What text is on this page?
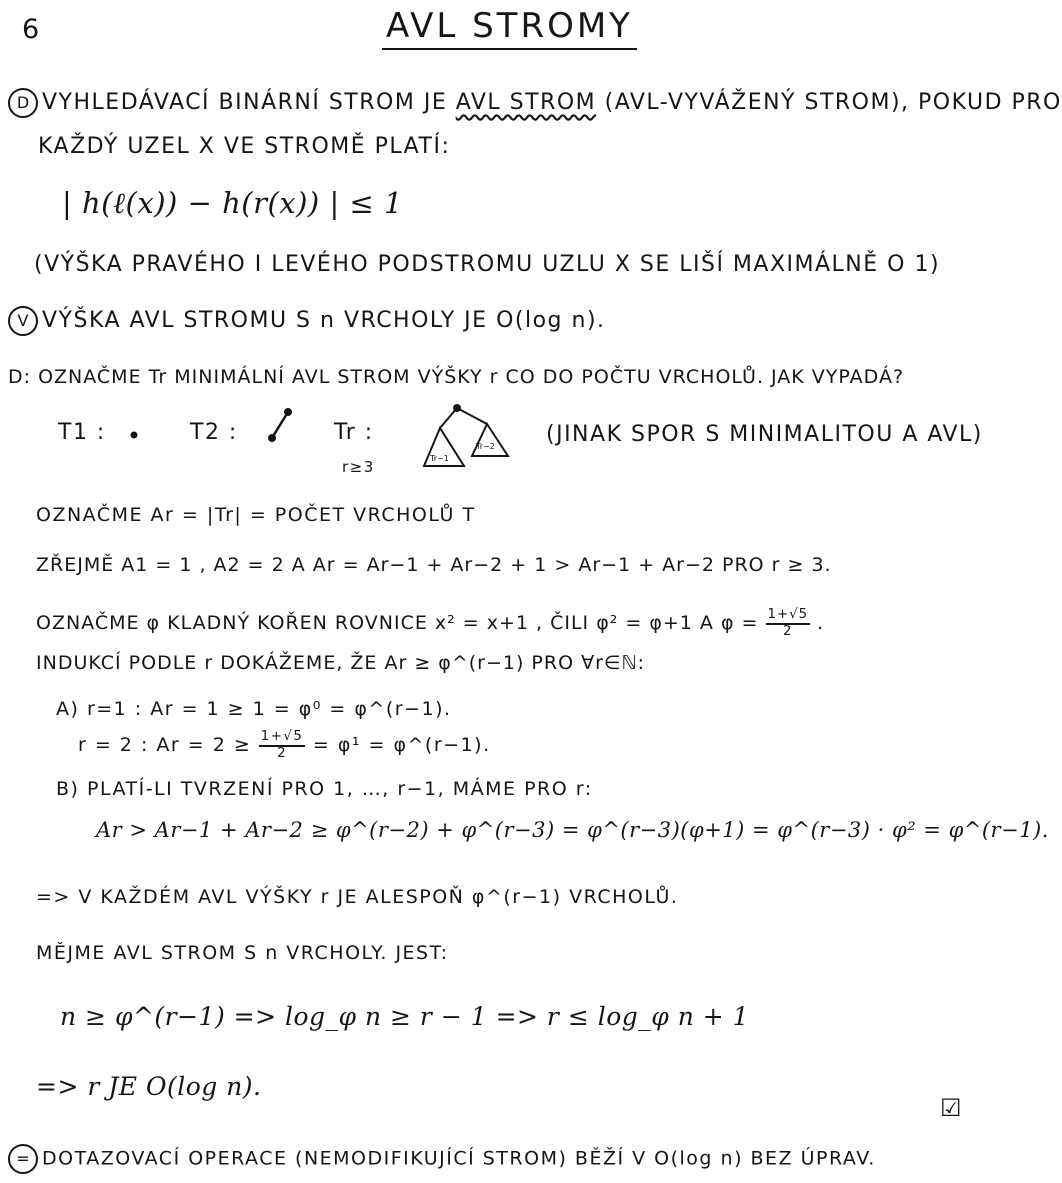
6	AVL STROMY
D VYHLEDÁVACÍ BINÁRNÍ STROM JE AVL STROM (AVL-VYVÁŽENÝ STROM), POKUD PRO
KAŽDÝ UZEL X VE STROMĚ PLATÍ:
| h(ℓ(x)) − h(r(x)) | ≤ 1
(VÝŠKA PRAVÉHO I LEVÉHO PODSTROMU UZLU X SE LIŠÍ MAXIMÁLNĚ O 1)
V VÝŠKA AVL STROMU S n VRCHOLY JE O(log n).
D: OZNAČME Tr MINIMÁLNÍ AVL STROM VÝŠKY r CO DO POČTU VRCHOLŮ. JAK VYPADÁ?
T1 :	T2 :	Tr :
r≥3	Tr−1
Tr−2 (JINAK SPOR S MINIMALITOU A AVL)
OZNAČME Ar = |Tr| = POČET VRCHOLŮ T
ZŘEJMĚ A1 = 1 , A2 = 2 A Ar = Ar−1 + Ar−2 + 1 > Ar−1 + Ar−2 PRO r ≥ 3.
OZNAČME φ KLADNÝ KOŘEN ROVNICE x² = x+1 , ČILI φ² = φ+1 A $\varphi = \frac{1+√5}{2}$ .
INDUKCÍ PODLE r DOKÁŽEME, ŽE Ar ≥ φ^(r−1) PRO ∀r∈ℕ:
A) r=1 : Ar = 1 ≥ 1 = φ⁰ = φ^(r−1).
r = 2 : $Ar = 2 \ge \frac{1+√5}{2} = \varphi^1$ = φ^(r−1).
B) PLATÍ-LI TVRZENÍ PRO 1, …, r−1, MÁME PRO r:
Ar > Ar−1 + Ar−2 ≥ φ^(r−2) + φ^(r−3) = φ^(r−3)(φ+1) = φ^(r−3) · φ² = φ^(r−1).
=> V KAŽDÉM AVL VÝŠKY r JE ALESPOŇ φ^(r−1) VRCHOLŮ.
MĚJME AVL STROM S n VRCHOLY. JEST:
n ≥ φ^(r−1) => log_φ n ≥ r − 1 => r ≤ log_φ n + 1
=> r JE O(log n).
☑
= DOTAZOVACÍ OPERACE (NEMODIFIKUJÍCÍ STROM) BĚŽÍ V O(log n) BEZ ÚPRAV.
